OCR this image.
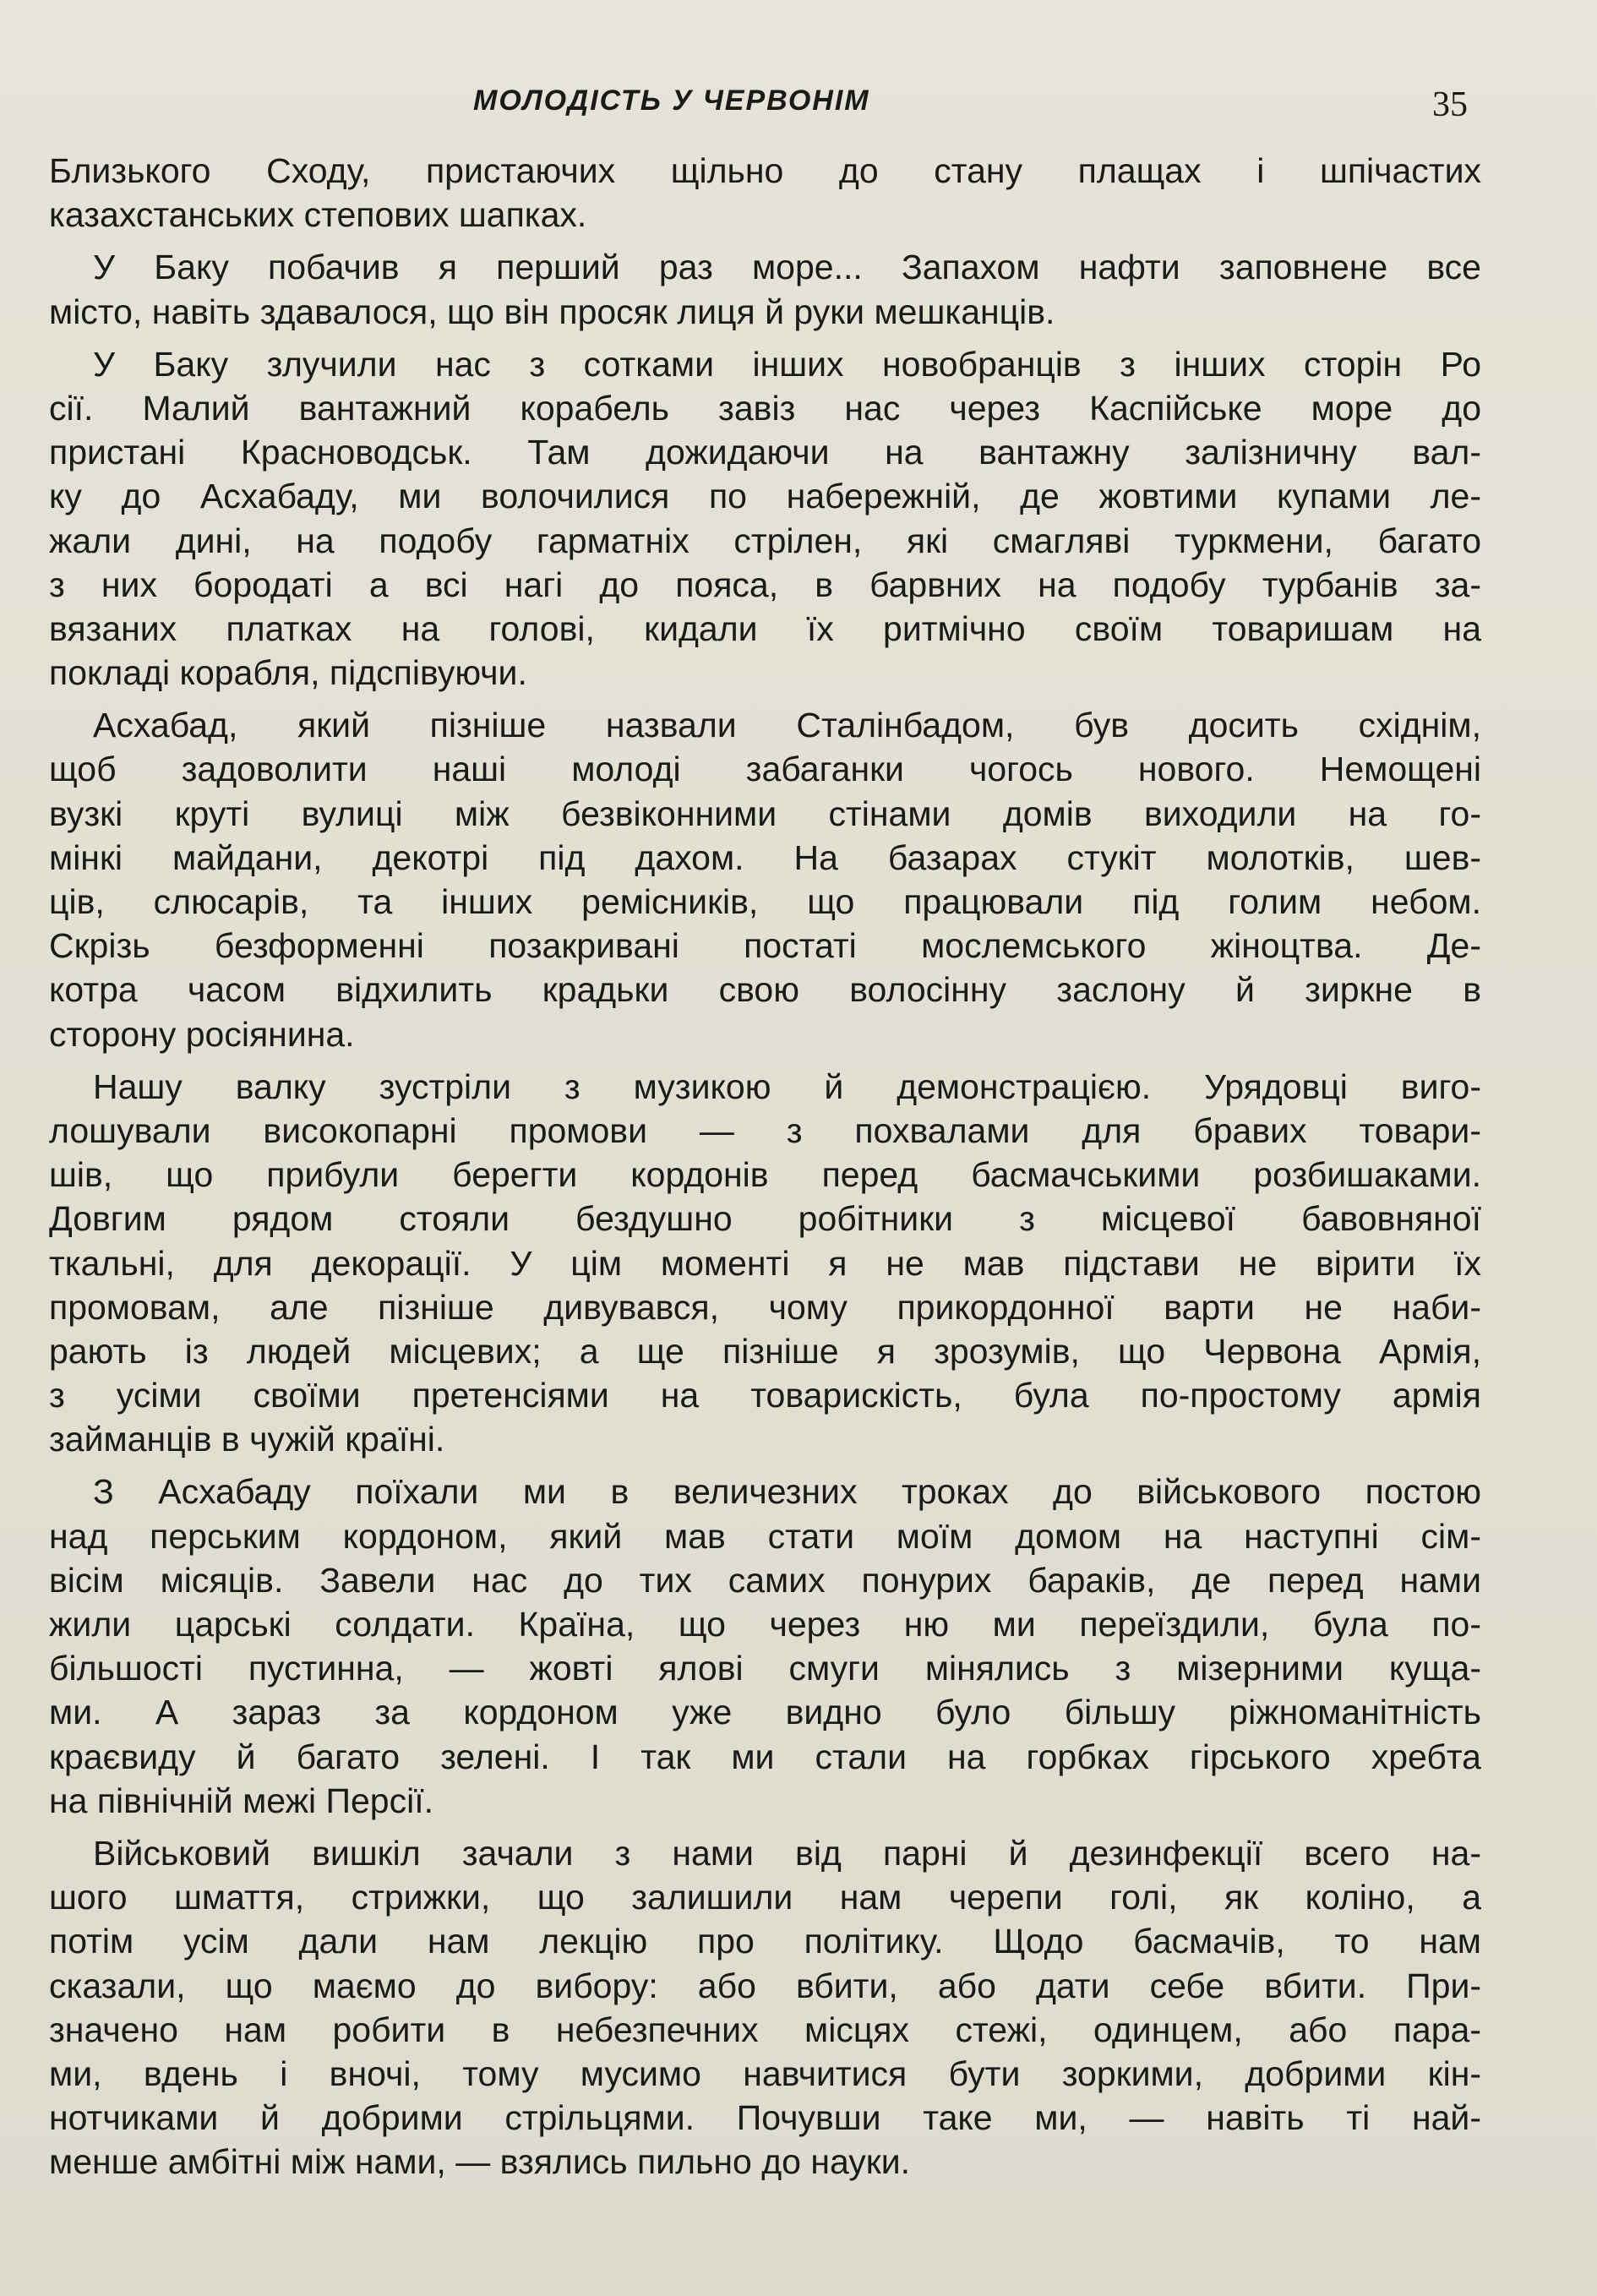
МОЛОДІСТЬ У ЧЕРВОНІМ	35
Близького Сходу, пристаючих щільно до стану плащах і шпічастих
казахстанських степових шапках.
У Баку побачив я перший раз море... Запахом нафти заповнене все
місто, навіть здавалося, що він просяк лиця й руки мешканців.
У Баку злучили нас з сотками інших новобранців з інших сторін Ро
сії. Малий вантажний корабель завіз нас через Каспійське море до
пристані Красноводськ. Там дожидаючи на вантажну залізничну вал-
ку до Асхабаду, ми волочилися по набережній, де жовтими купами ле-
жали дині, на подобу гарматніх стрілен, які смагляві туркмени, багато
з них бородаті а всі нагі до пояса, в барвних на подобу турбанів за-
вязаних платках на голові, кидали їх ритмічно своїм товаришам на
покладі корабля, підспівуючи.
Асхабад, який пізніше назвали Сталінбадом, був досить східнім,
щоб задоволити наші молоді забаганки чогось нового. Немощені
вузкі круті вулиці між безвіконними стінами домів виходили на го-
мінкі майдани, декотрі під дахом. На базарах стукіт молотків, шев-
ців, слюсарів, та інших ремісників, що працювали під голим небом.
Скрізь безформенні позакривані постаті мослемського жіноцтва. Де-
котра часом відхилить крадьки свою волосінну заслону й зиркне в
сторону росіянина.
Нашу валку зустріли з музикою й демонстрацією. Урядовці виго-
лошували високопарні промови — з похвалами для бравих товари-
шів, що прибули берегти кордонів перед басмачськими розбишаками.
Довгим рядом стояли бездушно робітники з місцевої бавовняної
ткальні, для декорації. У цім моменті я не мав підстави не вірити їх
промовам, але пізніше дивувався, чому прикордонної варти не наби-
рають із людей місцевих; а ще пізніше я зрозумів, що Червона Армія,
з усіми своїми претенсіями на товарискість, була по-простому армія
займанців в чужій країні.
З Асхабаду поїхали ми в величезних троках до військового постою
над перським кордоном, який мав стати моїм домом на наступні сім-
вісім місяців. Завели нас до тих самих понурих бараків, де перед нами
жили царські солдати. Країна, що через ню ми переїздили, була по-
більшості пустинна, — жовті ялові смуги мінялись з мізерними куща-
ми. А зараз за кордоном уже видно було більшу ріжноманітність
краєвиду й багато зелені. І так ми стали на горбках гірського хребта
на північній межі Персії.
Військовий вишкіл зачали з нами від парні й дезинфекції всего на-
шого шмаття, стрижки, що залишили нам черепи голі, як коліно, а
потім усім дали нам лекцію про політику. Щодо басмачів, то нам
сказали, що маємо до вибору: або вбити, або дати себе вбити. При-
значено нам робити в небезпечних місцях стежі, одинцем, або пара-
ми, вдень і вночі, тому мусимо навчитися бути зоркими, добрими кін-
нотчиками й добрими стрільцями. Почувши таке ми, — навіть ті най-
менше амбітні між нами, — взялись пильно до науки.
